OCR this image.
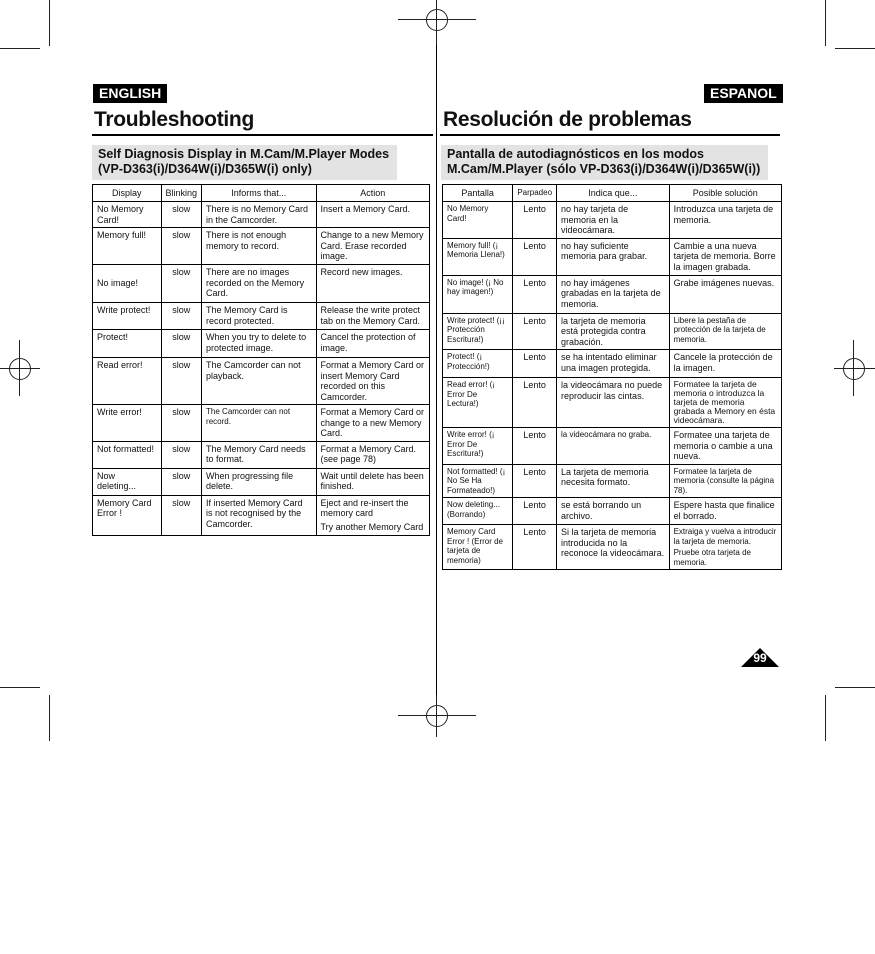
ENGLISH
Troubleshooting
Self Diagnosis Display in M.Cam/M.Player Modes
(VP-D363(i)/D364W(i)/D365W(i) only)
Display	Blinking	Informs that...	Action
No Memory Card!	slow	There is no Memory Card in the Camcorder.	Insert a Memory Card.
Memory full!	slow	There is not enough memory to record.	Change to a new Memory Card. Erase recorded image.
No image!	slow	There are no images recorded on the Memory Card.	Record new images.
Write protect!	slow	The Memory Card is record protected.	Release the write protect tab on the Memory Card.
Protect!	slow	When you try to delete to protected image.	Cancel the protection of image.
Read error!	slow	The Camcorder can not playback.	Format a Memory Card or insert Memory Card recorded on this Camcorder.
Write error!	slow	The Camcorder can not record.	Format a Memory Card or change to a new Memory Card.
Not formatted!	slow	The Memory Card needs to format.	Format a Memory Card. (see page 78)
Now deleting...	slow	When progressing file delete.	Wait until delete has been finished.
Memory Card Error !	slow	If inserted Memory Card is not recognised by the Camcorder.	Eject and re-insert the memory card
Try another Memory Card
ESPANOL
Resolución de problemas
Pantalla de autodiagnósticos en los modos
M.Cam/M.Player (sólo VP-D363(i)/D364W(i)/D365W(i))
Pantalla	Parpadeo	Indica que...	Posible solución
No Memory Card!	Lento	no hay tarjeta de memoria en la videocámara.	Introduzca una tarjeta de memoria.
Memory full! (¡ Memoria Llena!)	Lento	no hay suficiente memoria para grabar.	Cambie a una nueva tarjeta de memoria. Borre la imagen grabada.
No image! (¡ No hay imagen!)	Lento	no hay imágenes grabadas en la tarjeta de memoria.	Grabe imágenes nuevas.
Write protect! (¡¡ Protección Escritura!)	Lento	la tarjeta de memoria está protegida contra grabación.	Libere la pestaña de protección de la tarjeta de memoria.
Protect! (¡ Protección!)	Lento	se ha intentado eliminar una imagen protegida.	Cancele la protección de la imagen.
Read error! (¡ Error De Lectura!)	Lento	la videocámara no puede reproducir las cintas.	Formatee la tarjeta de memoria o introduzca la tarjeta de memoria grabada a Memory en ésta videocámara.
Write error! (¡ Error De Escritura!)	Lento	la videocámara no graba.	Formatee una tarjeta de memoria o cambie a una nueva.
Not formatted! (¡ No Se Ha Formateado!)	Lento	La tarjeta de memoria necesita formato.	Formatee la tarjeta de memoria (consulte la página 78).
Now deleting... (Borrando)	Lento	se está borrando un archivo.	Espere hasta que finalice el borrado.
Memory Card Error ! (Error de tarjeta de memoria)	Lento	Si la tarjeta de memoria introducida no la reconoce la videocámara.	Extraiga y vuelva a introducir la tarjeta de memoria.
Pruebe otra tarjeta de memoria.
99
